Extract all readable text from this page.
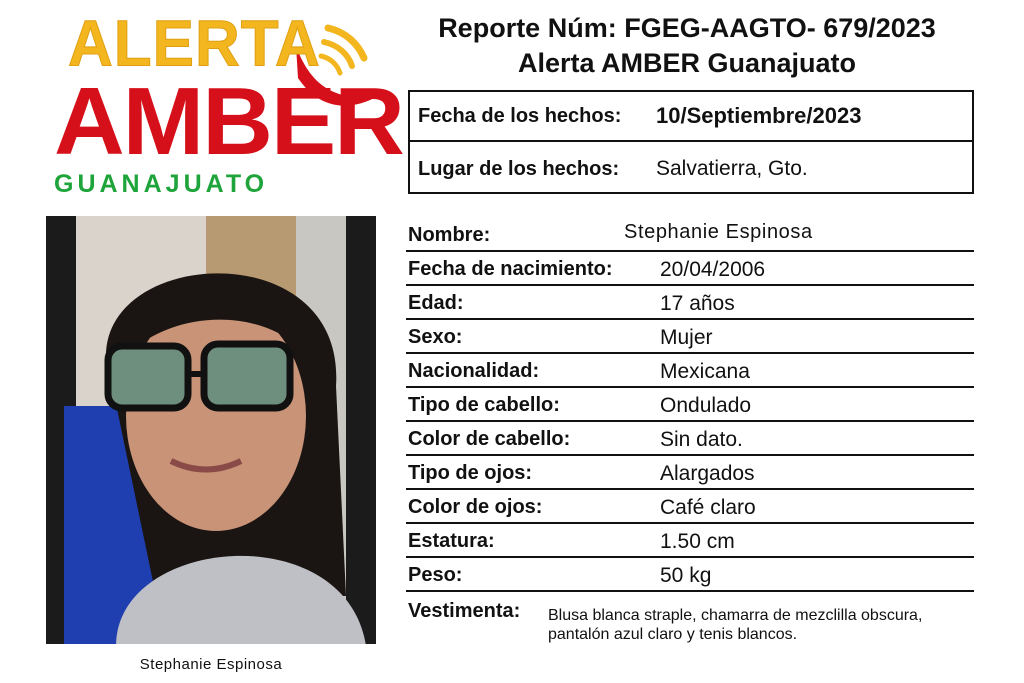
ALERTA
AMBER
GUANAJUATO
Reporte Núm: FGEG-AAGTO- 679/2023
Alerta AMBER Guanajuato
Fecha de los hechos:	10/Septiembre/2023
Lugar de los hechos:	Salvatierra, Gto.
Stephanie Espinosa
Nombre:	Stephanie Espinosa
Fecha de nacimiento: 20/04/2006
Edad:	17 años
Sexo:	Mujer
Nacionalidad:	Mexicana
Tipo de cabello:	Ondulado
Color de cabello:	Sin dato.
Tipo de ojos:	Alargados
Color de ojos:	Café claro
Estatura:	1.50 cm
Peso:	50 kg
Vestimenta: Blusa blanca straple, chamarra de mezclilla obscura, pantalón azul claro y tenis blancos.
